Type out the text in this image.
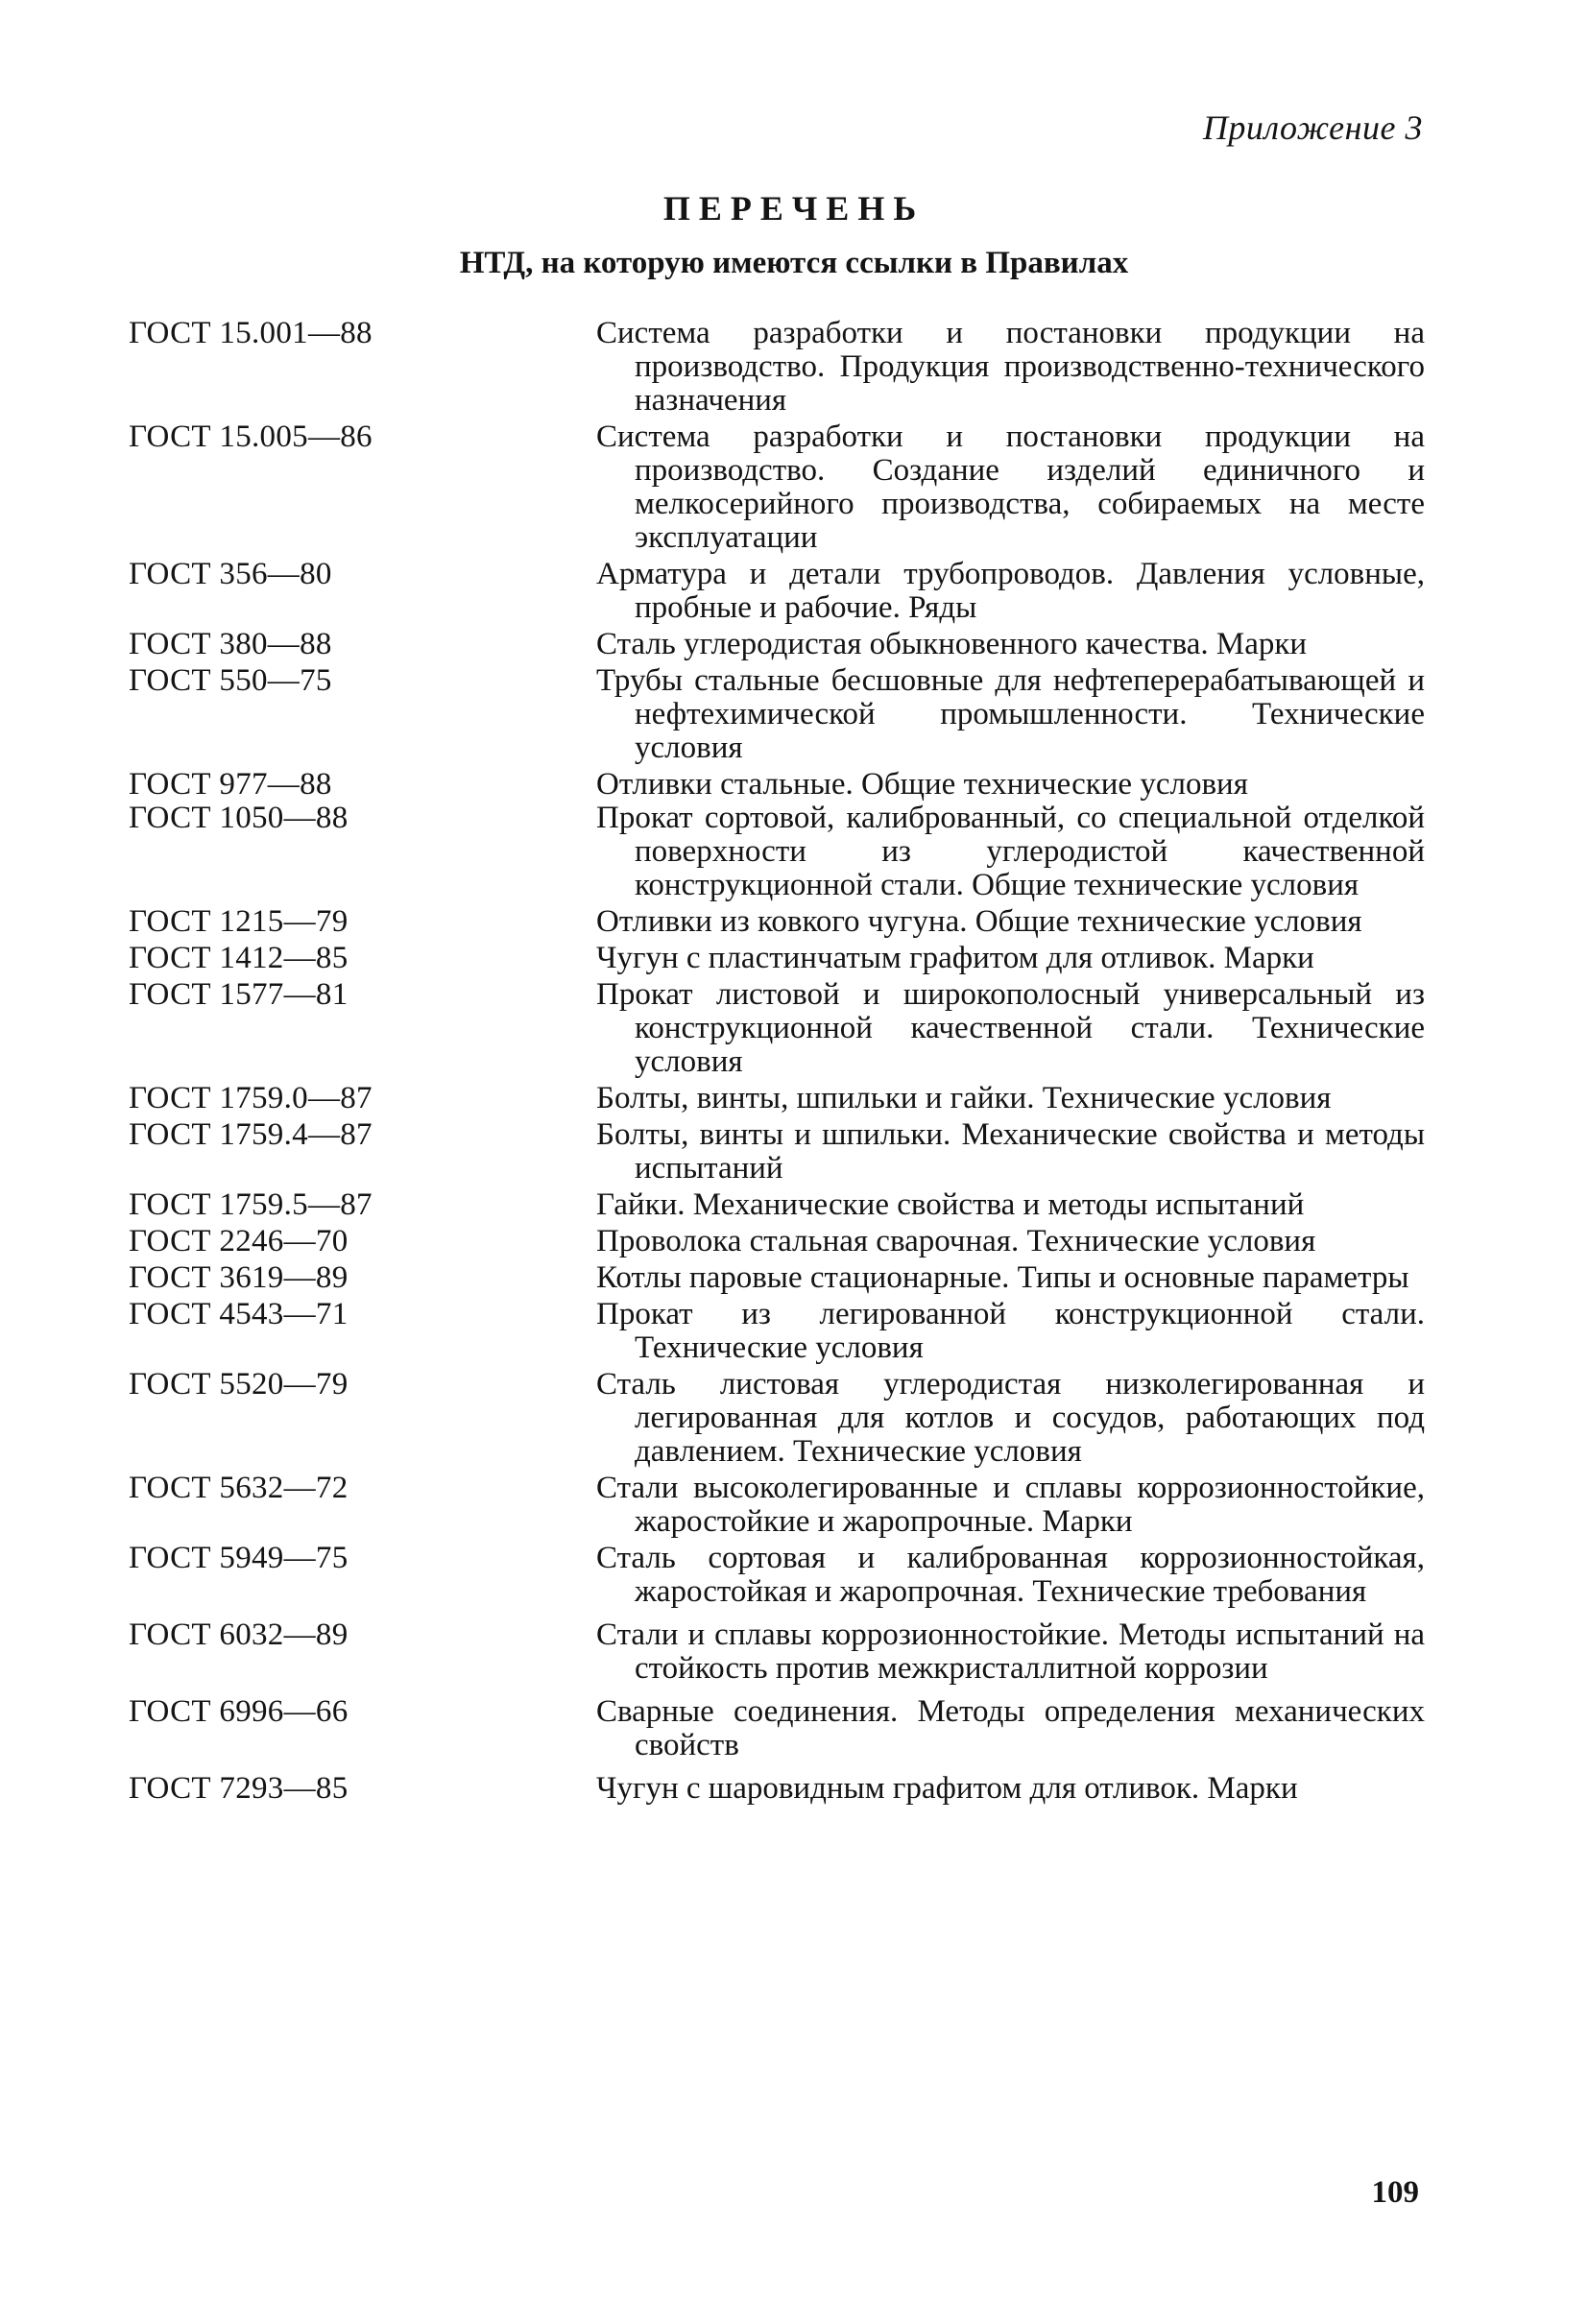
Приложение 3
ПЕРЕЧЕНЬ
НТД, на которую имеются ссылки в Правилах
ГОСТ 15.001—88	Система разработки и постановки продукции на производство. Продукция производственно-технического назначения
ГОСТ 15.005—86	Система разработки и постановки продукции на производство. Создание изделий единичного и мелкосерийного производства, собираемых на месте эксплуатации
ГОСТ 356—80	Арматура и детали трубопроводов. Давления условные, пробные и рабочие. Ряды
ГОСТ 380—88	Сталь углеродистая обыкновенного качества. Марки
ГОСТ 550—75	Трубы стальные бесшовные для нефтеперерабатывающей и нефтехимической промышленности. Технические условия
ГОСТ 977—88	Отливки стальные. Общие технические условия
ГОСТ 1050—88	Прокат сортовой, калиброванный, со специальной отделкой поверхности из углеродистой качественной конструкционной стали. Общие технические условия
ГОСТ 1215—79	Отливки из ковкого чугуна. Общие технические условия
ГОСТ 1412—85	Чугун с пластинчатым графитом для отливок. Марки
ГОСТ 1577—81	Прокат листовой и широкополосный универсальный из конструкционной качественной стали. Технические условия
ГОСТ 1759.0—87	Болты, винты, шпильки и гайки. Технические условия
ГОСТ 1759.4—87	Болты, винты и шпильки. Механические свойства и методы испытаний
ГОСТ 1759.5—87	Гайки. Механические свойства и методы испытаний
ГОСТ 2246—70	Проволока стальная сварочная. Технические условия
ГОСТ 3619—89	Котлы паровые стационарные. Типы и основные параметры
ГОСТ 4543—71	Прокат из легированной конструкционной стали. Технические условия
ГОСТ 5520—79	Сталь листовая углеродистая низколегированная и легированная для котлов и сосудов, работающих под давлением. Технические условия
ГОСТ 5632—72	Стали высоколегированные и сплавы коррозионностойкие, жаростойкие и жаропрочные. Марки
ГОСТ 5949—75	Сталь сортовая и калиброванная коррозионностойкая, жаростойкая и жаропрочная. Технические требования
ГОСТ 6032—89	Стали и сплавы коррозионностойкие. Методы испытаний на стойкость против межкристаллитной коррозии
ГОСТ 6996—66	Сварные соединения. Методы определения механических свойств
ГОСТ 7293—85	Чугун с шаровидным графитом для отливок. Марки
109
